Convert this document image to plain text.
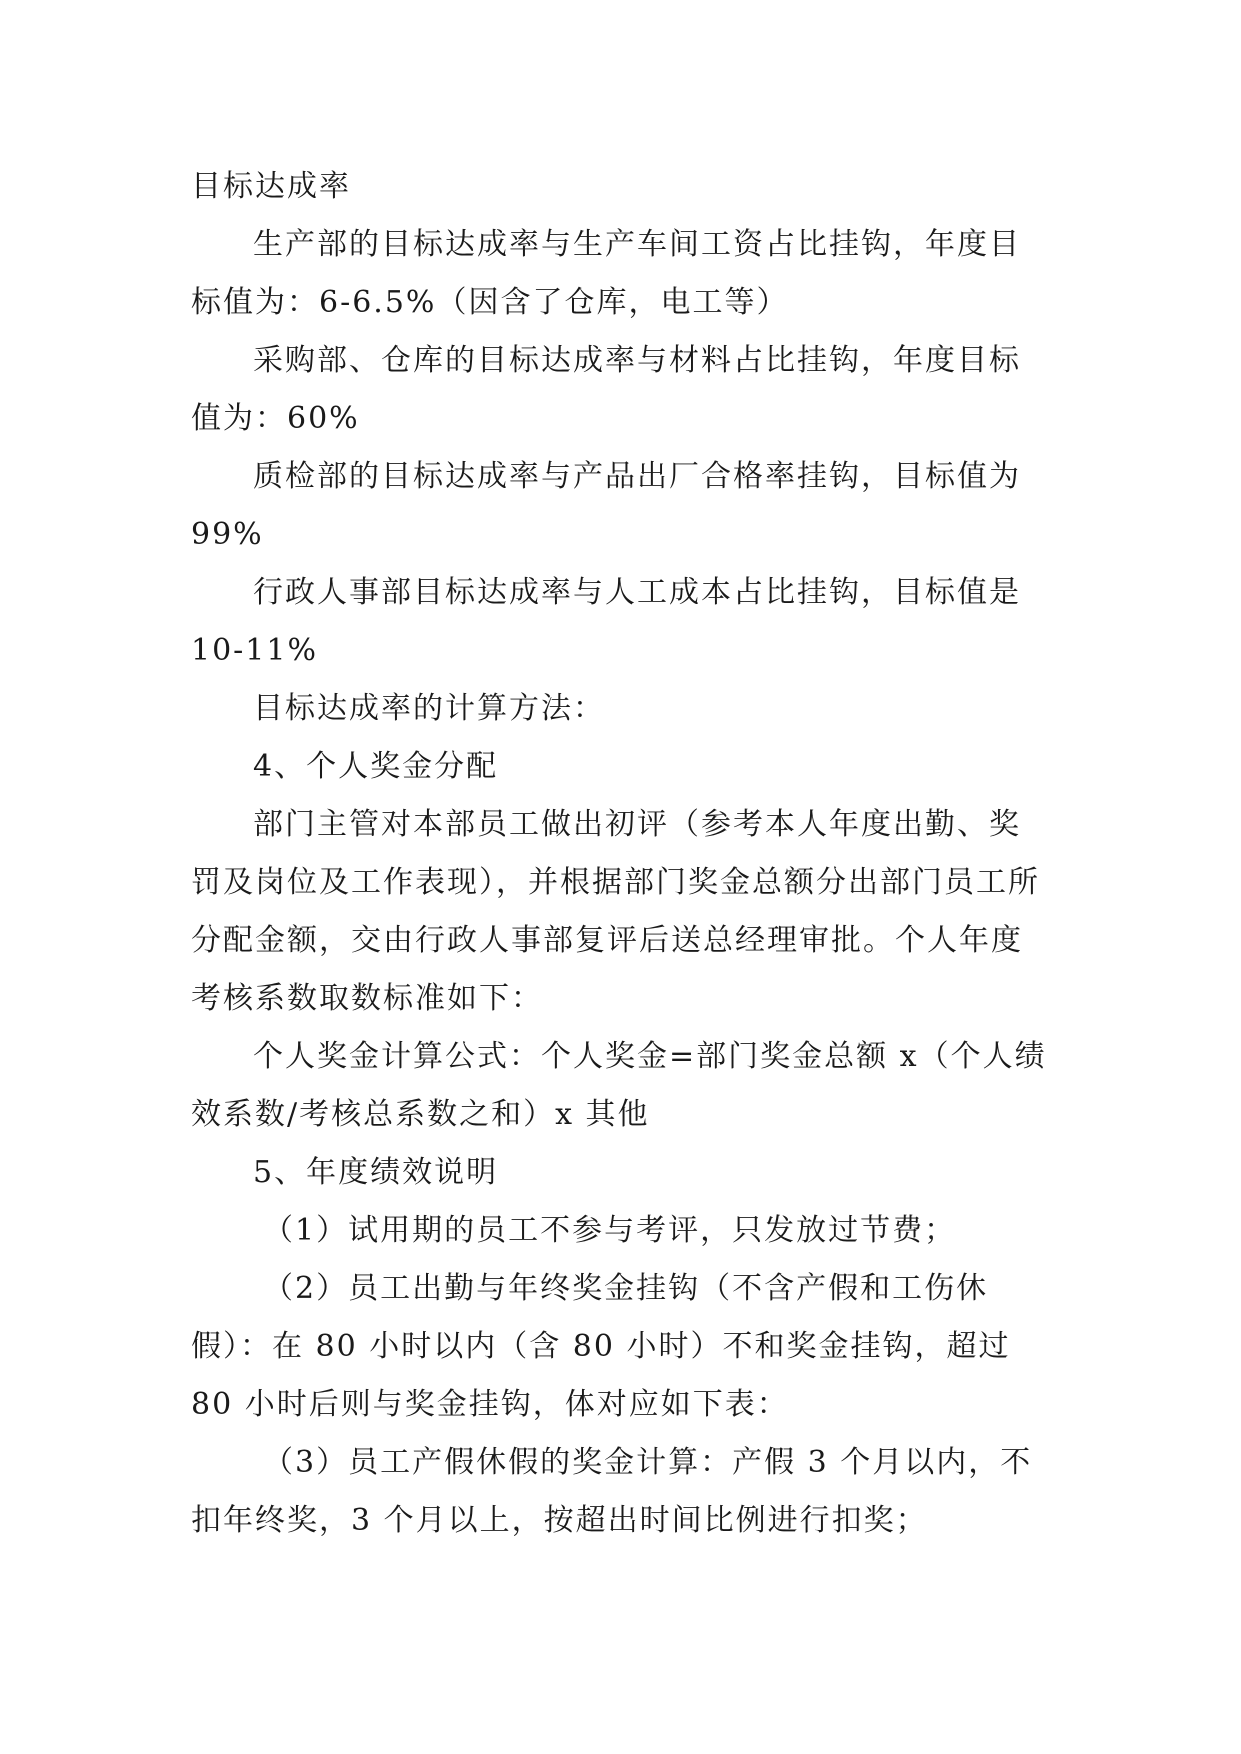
目标达成率

生产部的目标达成率与生产车间工资占比挂钩，年度目标值为：6-6.5%（因含了仓库，电工等）

采购部、仓库的目标达成率与材料占比挂钩，年度目标值为：60%

质检部的目标达成率与产品出厂合格率挂钩，目标值为99%

行政人事部目标达成率与人工成本占比挂钩，目标值是10-11%

目标达成率的计算方法：

4、个人奖金分配

部门主管对本部员工做出初评（参考本人年度出勤、奖罚及岗位及工作表现），并根据部门奖金总额分出部门员工所分配金额，交由行政人事部复评后送总经理审批。个人年度考核系数取数标准如下：

个人奖金计算公式：个人奖金=部门奖金总额 x（个人绩效系数/考核总系数之和）x 其他

5、年度绩效说明

（1）试用期的员工不参与考评，只发放过节费；

（2）员工出勤与年终奖金挂钩（不含产假和工伤休假）：在 80 小时以内（含 80 小时）不和奖金挂钩，超过 80 小时后则与奖金挂钩，体对应如下表：

（3）员工产假休假的奖金计算：产假 3 个月以内，不扣年终奖，3 个月以上，按超出时间比例进行扣奖；
